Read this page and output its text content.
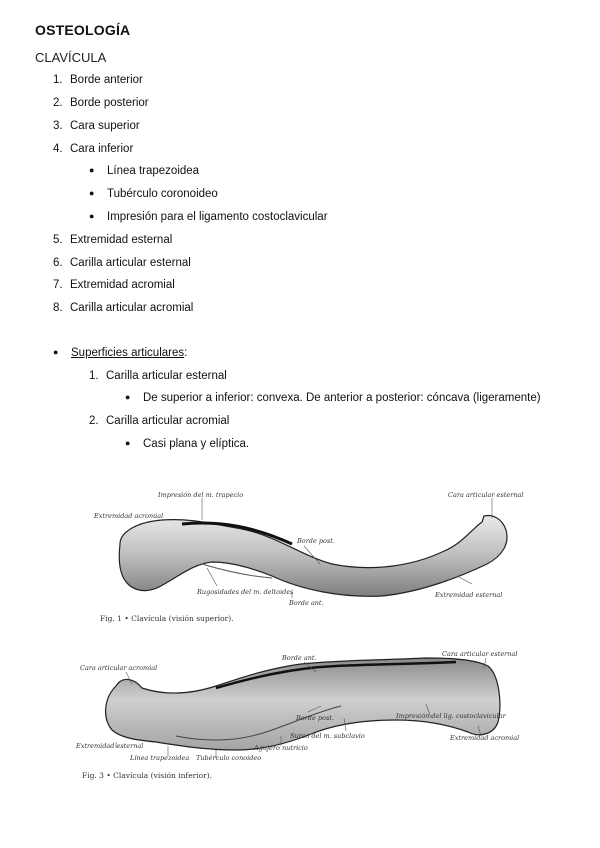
OSTEOLOGÍA
CLAVÍCULA
1. Borde anterior
2. Borde posterior
3. Cara superior
4. Cara inferior
● Línea trapezoidea
● Tubérculo coronoideo
● Impresión para el ligamento costoclavicular
5. Extremidad esternal
6. Carilla articular esternal
7. Extremidad acromial
8. Carilla articular acromial
● Superficies articulares:
1. Carilla articular esternal
● De superior a inferior: convexa. De anterior a posterior: cóncava (ligeramente)
2. Carilla articular acromial
● Casi plana y elíptica.
Impresión del m. trapecio
Extremidad acromial
Borde post.
Rugosidades del m. deltoides
Borde ant.
Cara articular esternal
Extremidad esternal
Fig. 1 • Clavícula (visión superior).
Cara articular acromial
Borde ant.	Cara articular esternal
Borde post.
Surco del m. subclavio
Impresión del lig. costoclavicular
Extremidad acromial
Extremidad esternal
Línea trapezoidea Tubérculo conoideo
Agujero nutricio
Fig. 3 • Clavícula (visión inferior).
